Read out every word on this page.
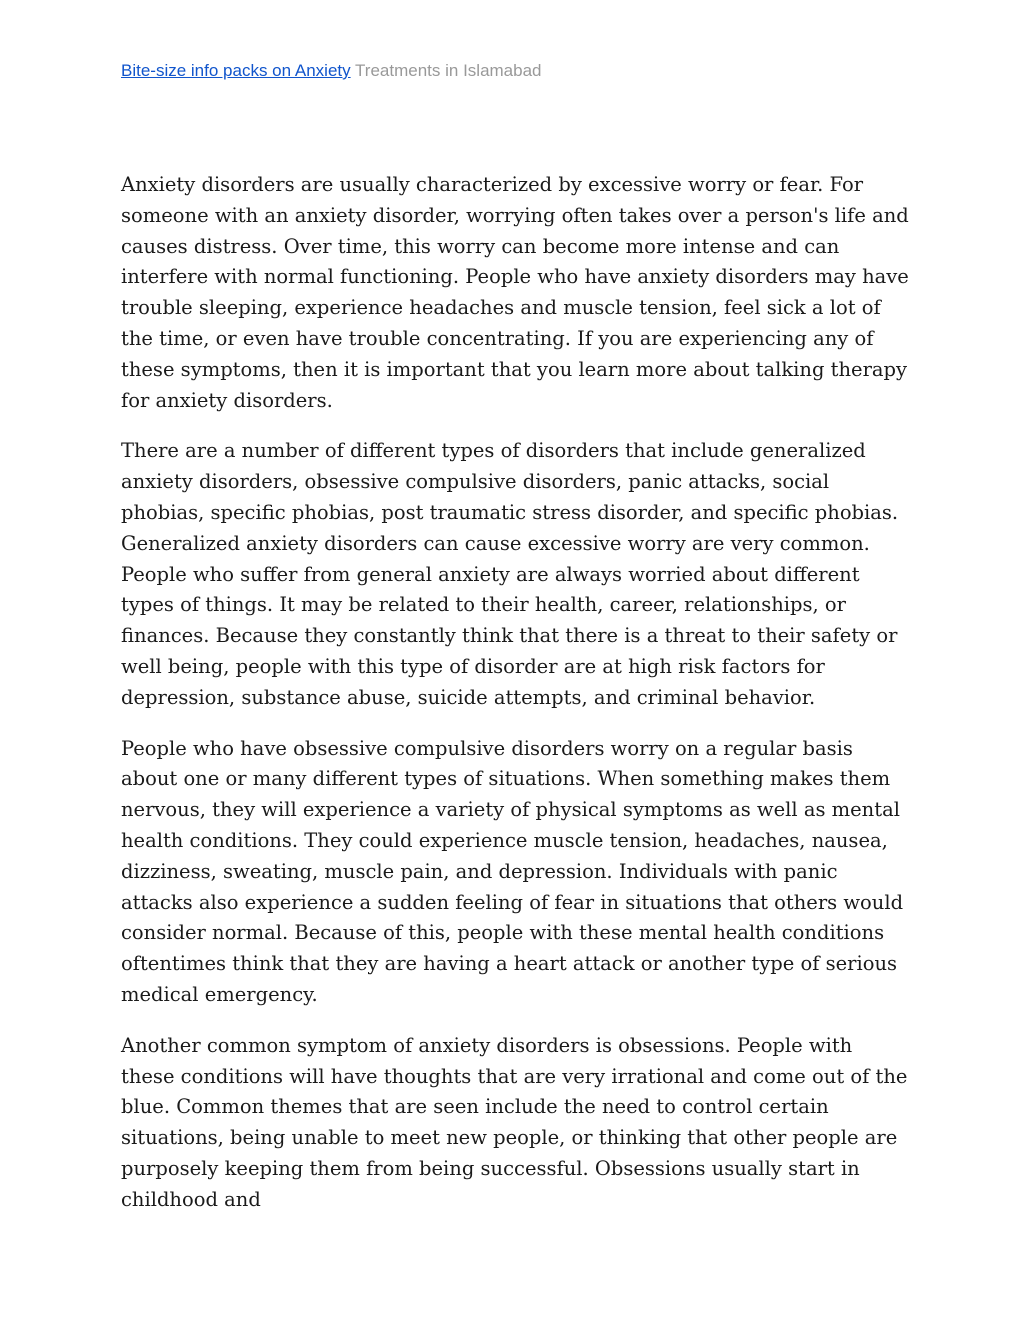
Bite-size info packs on Anxiety Treatments in Islamabad

Anxiety disorders are usually characterized by excessive worry or fear. For someone with an anxiety disorder, worrying often takes over a person's life and causes distress. Over time, this worry can become more intense and can interfere with normal functioning. People who have anxiety disorders may have trouble sleeping, experience headaches and muscle tension, feel sick a lot of the time, or even have trouble concentrating. If you are experiencing any of these symptoms, then it is important that you learn more about talking therapy for anxiety disorders.

There are a number of different types of disorders that include generalized anxiety disorders, obsessive compulsive disorders, panic attacks, social phobias, specific phobias, post traumatic stress disorder, and specific phobias. Generalized anxiety disorders can cause excessive worry are very common. People who suffer from general anxiety are always worried about different types of things. It may be related to their health, career, relationships, or finances. Because they constantly think that there is a threat to their safety or well being, people with this type of disorder are at high risk factors for depression, substance abuse, suicide attempts, and criminal behavior.

People who have obsessive compulsive disorders worry on a regular basis about one or many different types of situations. When something makes them nervous, they will experience a variety of physical symptoms as well as mental health conditions. They could experience muscle tension, headaches, nausea, dizziness, sweating, muscle pain, and depression. Individuals with panic attacks also experience a sudden feeling of fear in situations that others would consider normal. Because of this, people with these mental health conditions oftentimes think that they are having a heart attack or another type of serious medical emergency.

Another common symptom of anxiety disorders is obsessions. People with these conditions will have thoughts that are very irrational and come out of the blue. Common themes that are seen include the need to control certain situations, being unable to meet new people, or thinking that other people are purposely keeping them from being successful. Obsessions usually start in childhood and
